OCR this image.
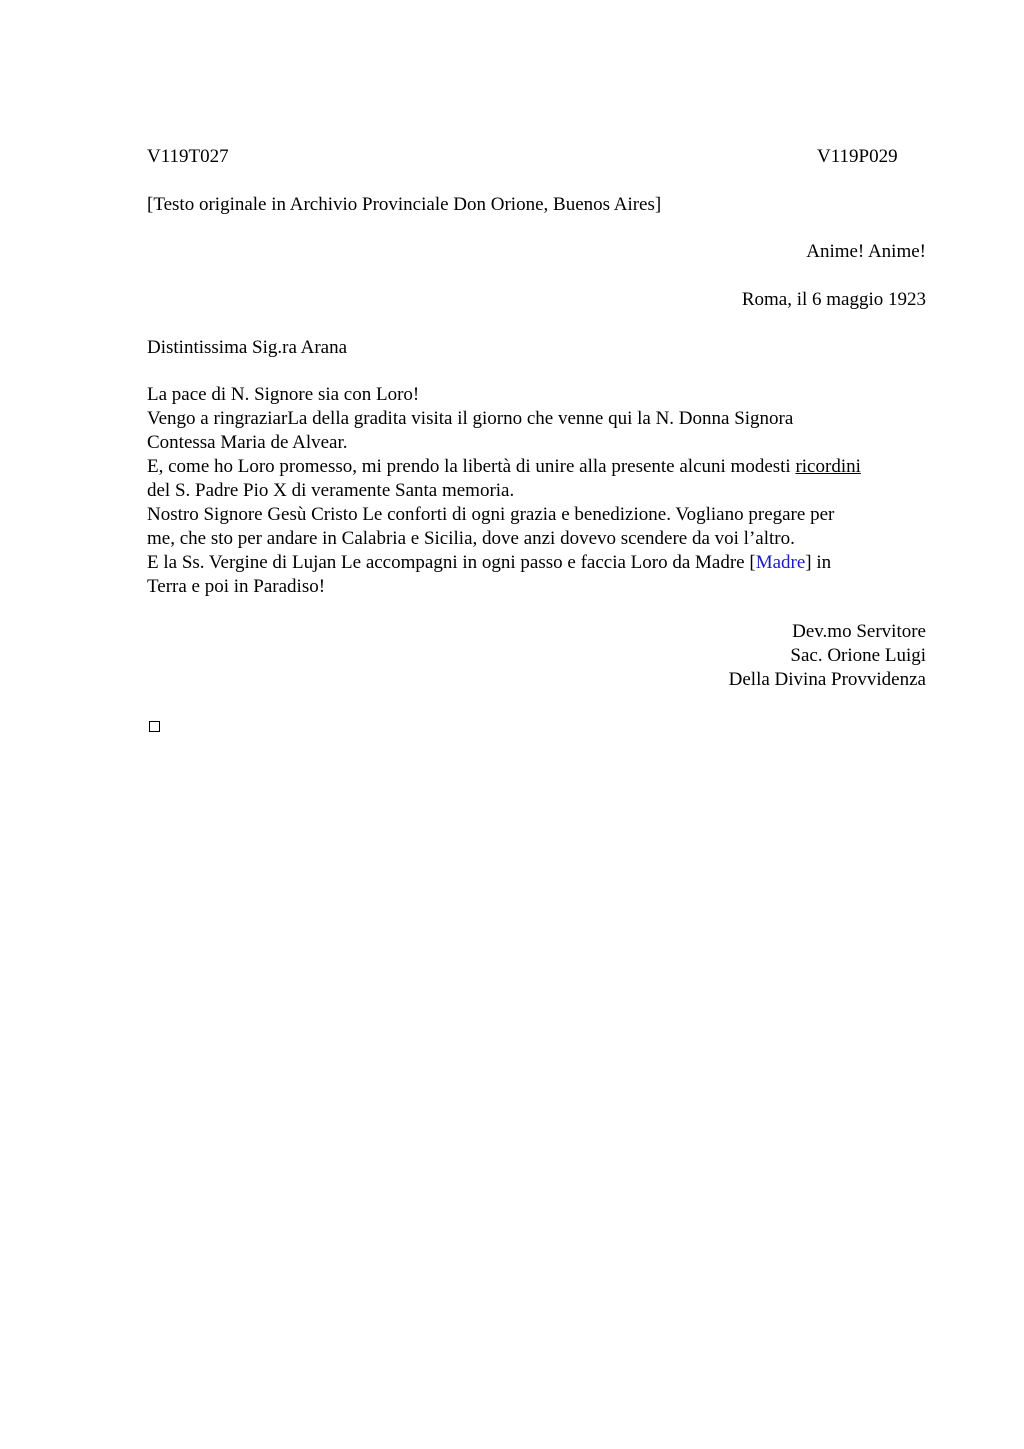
V119T027	V119P029
[Testo originale in Archivio Provinciale Don Orione, Buenos Aires]
Anime! Anime!
Roma, il 6 maggio 1923
Distintissima Sig.ra Arana
La pace di N. Signore sia con Loro!
Vengo a ringraziarLa della gradita visita il giorno che venne qui la N. Donna Signora
Contessa Maria de Alvear.
E, come ho Loro promesso, mi prendo la libertà di unire alla presente alcuni modesti ricordini
del S. Padre Pio X di veramente Santa memoria.
Nostro Signore Gesù Cristo Le conforti di ogni grazia e benedizione. Vogliano pregare per
me, che sto per andare in Calabria e Sicilia, dove anzi dovevo scendere da voi l’altro.
E la Ss. Vergine di Lujan Le accompagni in ogni passo e faccia Loro da Madre [Madre] in
Terra e poi in Paradiso!
Dev.mo Servitore
Sac. Orione Luigi
Della Divina Provvidenza
